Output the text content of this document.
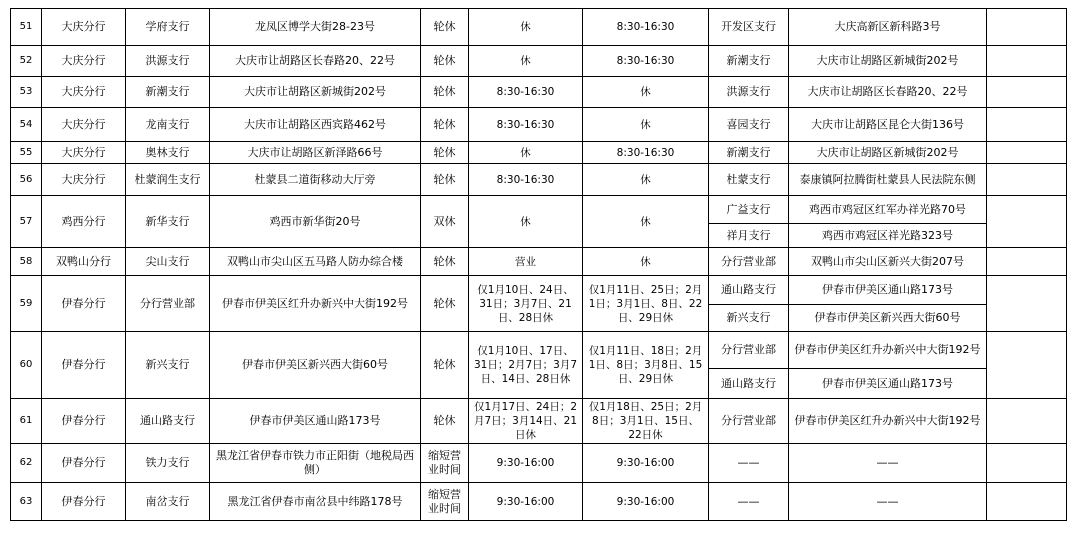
51	大庆分行	学府支行	龙凤区博学大街28-23号	轮休	休	8:30-16:30	开发区支行	大庆高新区新科路3号	
52	大庆分行	洪源支行	大庆市让胡路区长春路20、22号	轮休	休	8:30-16:30	新潮支行	大庆市让胡路区新城街202号	
53	大庆分行	新潮支行	大庆市让胡路区新城街202号	轮休	8:30-16:30	休	洪源支行	大庆市让胡路区长春路20、22号	
54	大庆分行	龙南支行	大庆市让胡路区西宾路462号	轮休	8:30-16:30	休	喜园支行	大庆市让胡路区昆仑大街136号	
55	大庆分行	奥林支行	大庆市让胡路区新泽路66号	轮休	休	8:30-16:30	新潮支行	大庆市让胡路区新城街202号	
56	大庆分行	杜蒙润生支行	杜蒙县二道街移动大厅旁	轮休	8:30-16:30	休	杜蒙支行	泰康镇阿拉腾街杜蒙县人民法院东侧	
57	鸡西分行	新华支行	鸡西市新华街20号	双休	休	休	广益支行	鸡西市鸡冠区红军办祥光路70号	
							祥月支行	鸡西市鸡冠区祥光路323号	
58	双鸭山分行	尖山支行	双鸭山市尖山区五马路人防办综合楼	轮休	营业	休	分行营业部	双鸭山市尖山区新兴大街207号	
59	伊春分行	分行营业部	伊春市伊美区红升办新兴中大街192号	轮休	仅1月10日、24日、31日；3月7日、21日、28日休	仅1月11日、25日；2月1日；3月1日、8日、22日、29日休	通山路支行	伊春市伊美区通山路173号	
							新兴支行	伊春市伊美区新兴西大街60号	
60	伊春分行	新兴支行	伊春市伊美区新兴西大街60号	轮休	仅1月10日、17日、31日；2月7日；3月7日、14日、28日休	仅1月11日、18日；2月1日、8日；3月8日、15日、29日休	分行营业部	伊春市伊美区红升办新兴中大街192号	
							通山路支行	伊春市伊美区通山路173号	
61	伊春分行	通山路支行	伊春市伊美区通山路173号	轮休	仅1月17日、24日；2月7日；3月14日、21日休	仅1月18日、25日；2月8日；3月1日、15日、22日休	分行营业部	伊春市伊美区红升办新兴中大街192号	
62	伊春分行	铁力支行	黑龙江省伊春市铁力市正阳街（地税局西侧）	缩短营业时间	9:30-16:00	9:30-16:00	——	——	
63	伊春分行	南岔支行	黑龙江省伊春市南岔县中纬路178号	缩短营业时间	9:30-16:00	9:30-16:00	——	——	
